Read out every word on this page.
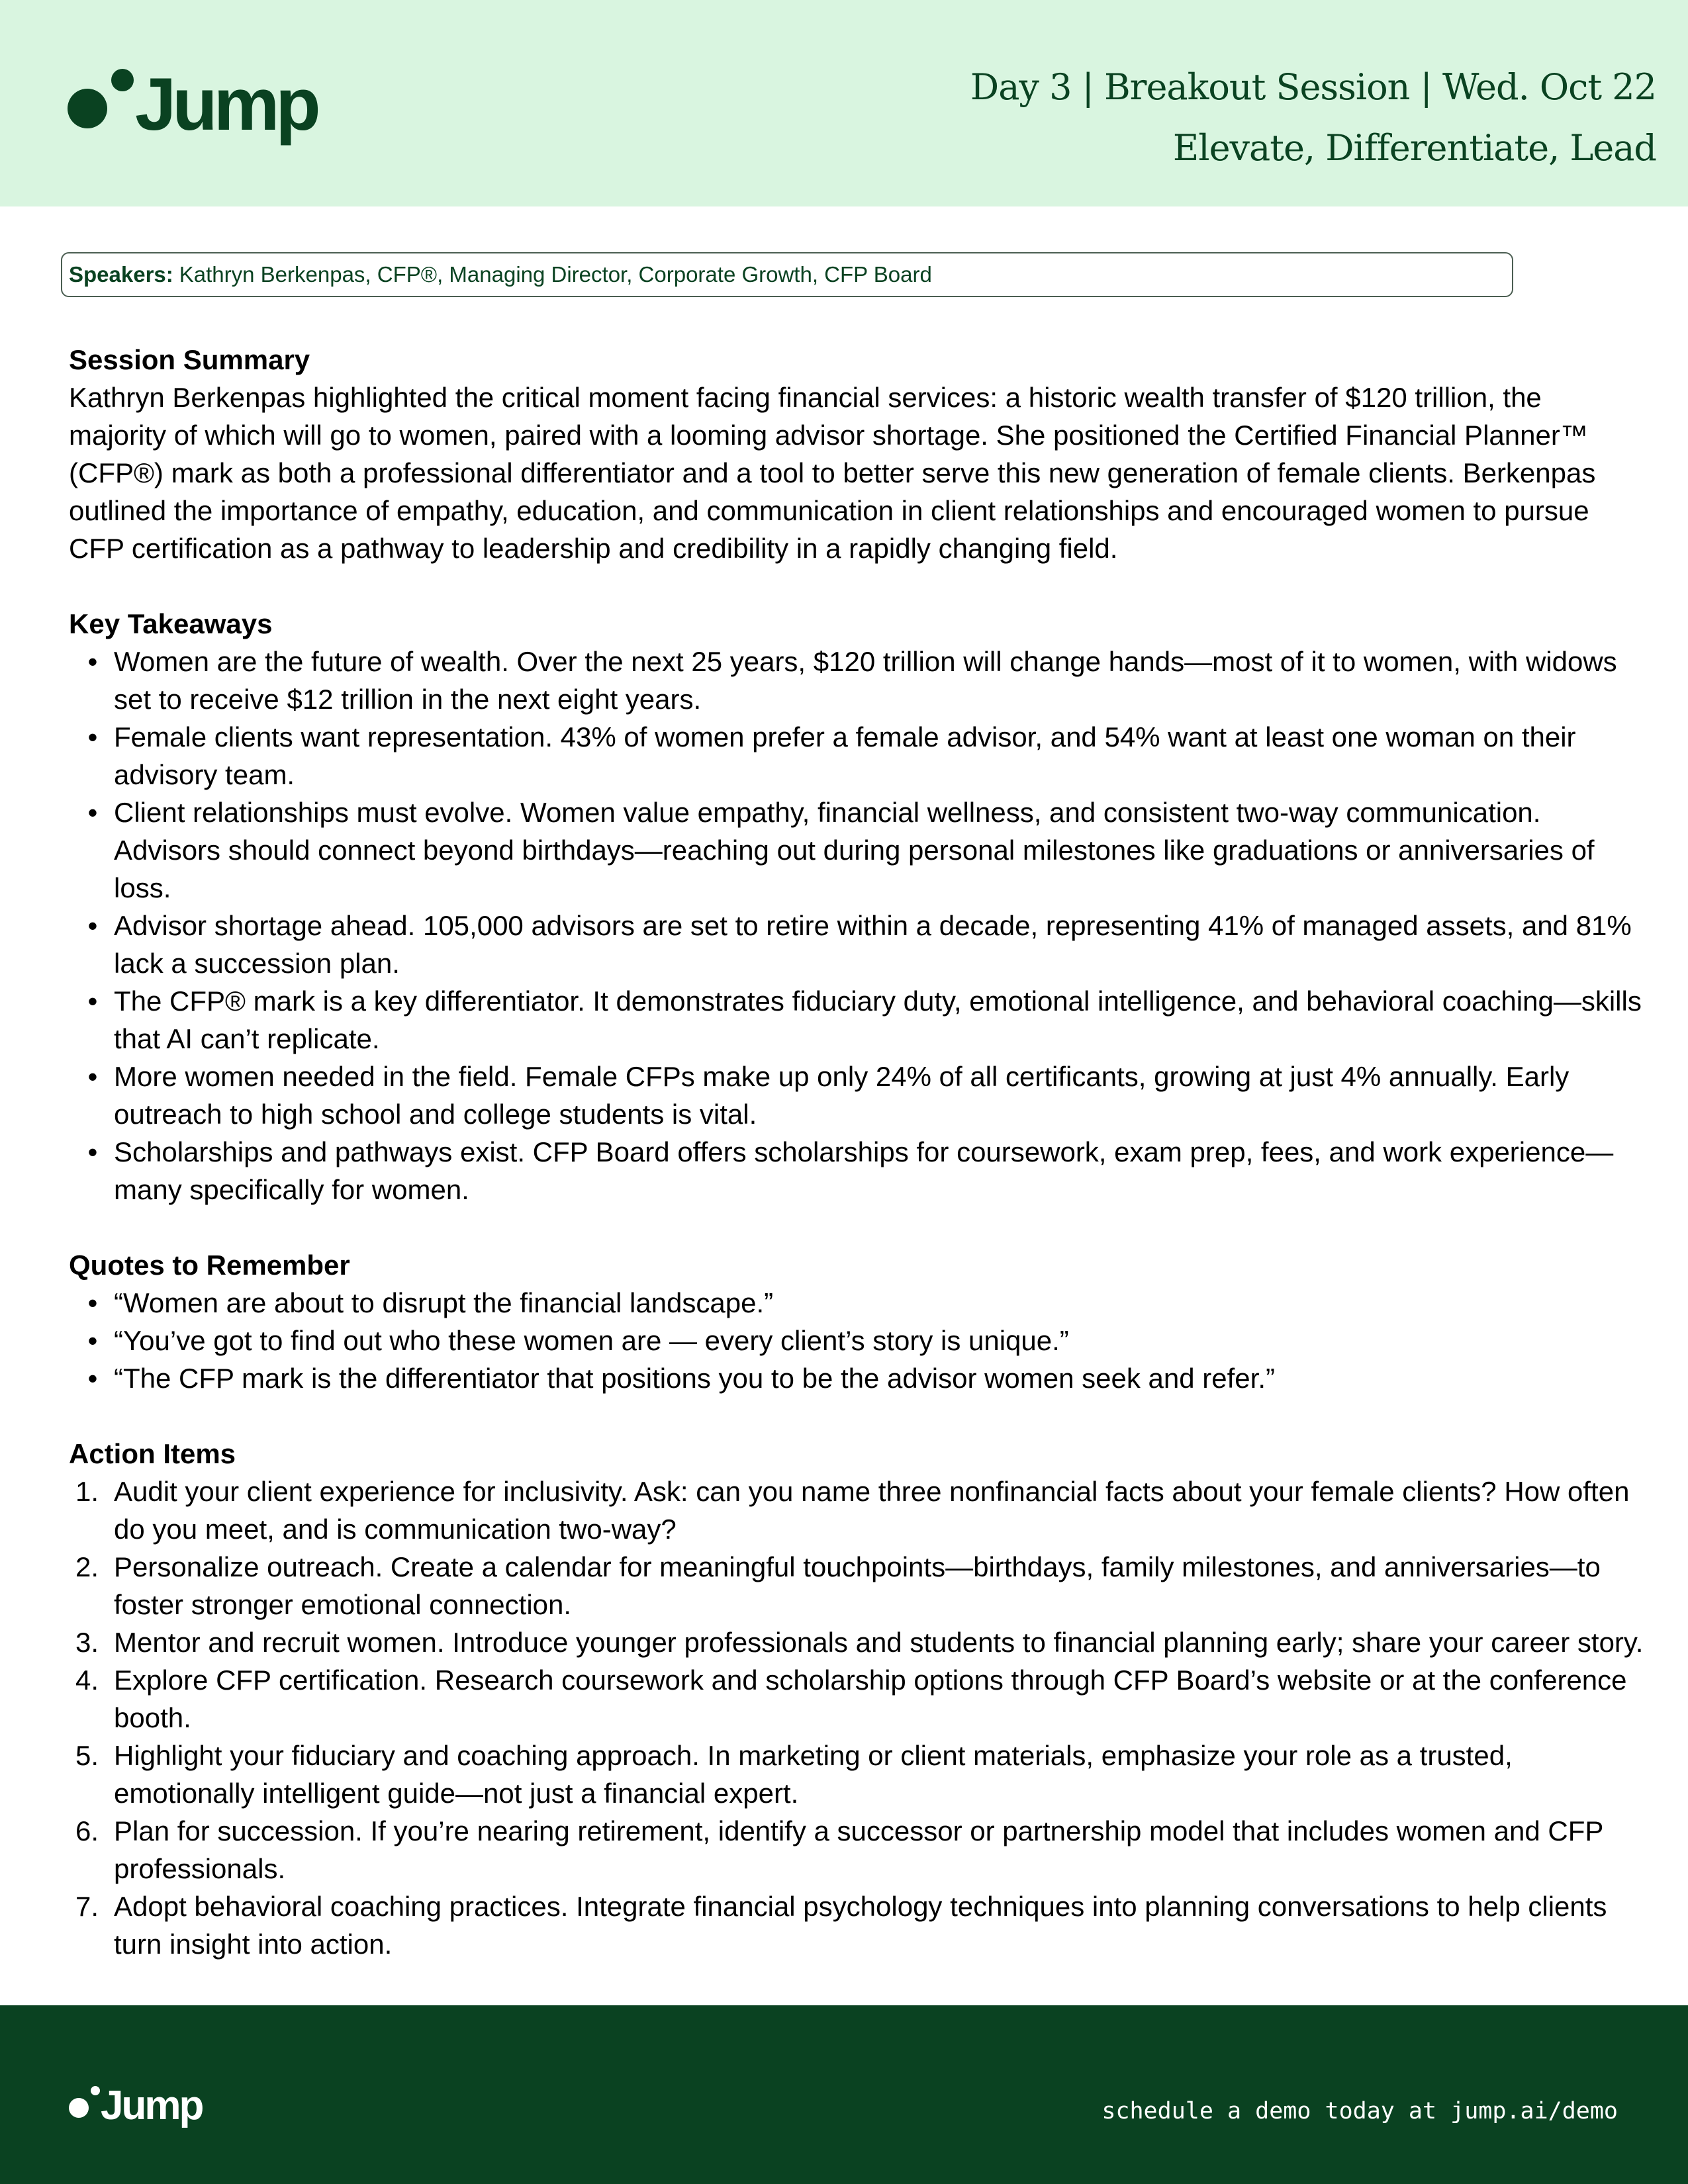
Jump	Day 3 | Breakout Session | Wed. Oct 22
Elevate, Differentiate, Lead
Speakers: Kathryn Berkenpas, CFP®, Managing Director, Corporate Growth, CFP Board
Session Summary
Kathryn Berkenpas highlighted the critical moment facing financial services: a historic wealth transfer of $120 trillion, the majority of which will go to women, paired with a looming advisor shortage. She positioned the Certified Financial Planner™ (CFP®) mark as both a professional differentiator and a tool to better serve this new generation of female clients. Berkenpas outlined the importance of empathy, education, and communication in client relationships and encouraged women to pursue CFP certification as a pathway to leadership and credibility in a rapidly changing field.
Key Takeaways
• Women are the future of wealth. Over the next 25 years, $120 trillion will change hands—most of it to women, with widows set to receive $12 trillion in the next eight years.
• Female clients want representation. 43% of women prefer a female advisor, and 54% want at least one woman on their advisory team.
• Client relationships must evolve. Women value empathy, financial wellness, and consistent two-way communication. Advisors should connect beyond birthdays—reaching out during personal milestones like graduations or anniversaries of loss.
• Advisor shortage ahead. 105,000 advisors are set to retire within a decade, representing 41% of managed assets, and 81% lack a succession plan.
• The CFP® mark is a key differentiator. It demonstrates fiduciary duty, emotional intelligence, and behavioral coaching—skills that AI can’t replicate.
• More women needed in the field. Female CFPs make up only 24% of all certificants, growing at just 4% annually. Early outreach to high school and college students is vital.
• Scholarships and pathways exist. CFP Board offers scholarships for coursework, exam prep, fees, and work experience—many specifically for women.
Quotes to Remember
• “Women are about to disrupt the financial landscape.”
• “You’ve got to find out who these women are — every client’s story is unique.”
• “The CFP mark is the differentiator that positions you to be the advisor women seek and refer.”
Action Items
1. Audit your client experience for inclusivity. Ask: can you name three nonfinancial facts about your female clients? How often do you meet, and is communication two-way?
2. Personalize outreach. Create a calendar for meaningful touchpoints—birthdays, family milestones, and anniversaries—to foster stronger emotional connection.
3. Mentor and recruit women. Introduce younger professionals and students to financial planning early; share your career story.
4. Explore CFP certification. Research coursework and scholarship options through CFP Board’s website or at the conference booth.
5. Highlight your fiduciary and coaching approach. In marketing or client materials, emphasize your role as a trusted, emotionally intelligent guide—not just a financial expert.
6. Plan for succession. If you’re nearing retirement, identify a successor or partnership model that includes women and CFP professionals.
7. Adopt behavioral coaching practices. Integrate financial psychology techniques into planning conversations to help clients turn insight into action.
Jump	schedule a demo today at jump.ai/demo
